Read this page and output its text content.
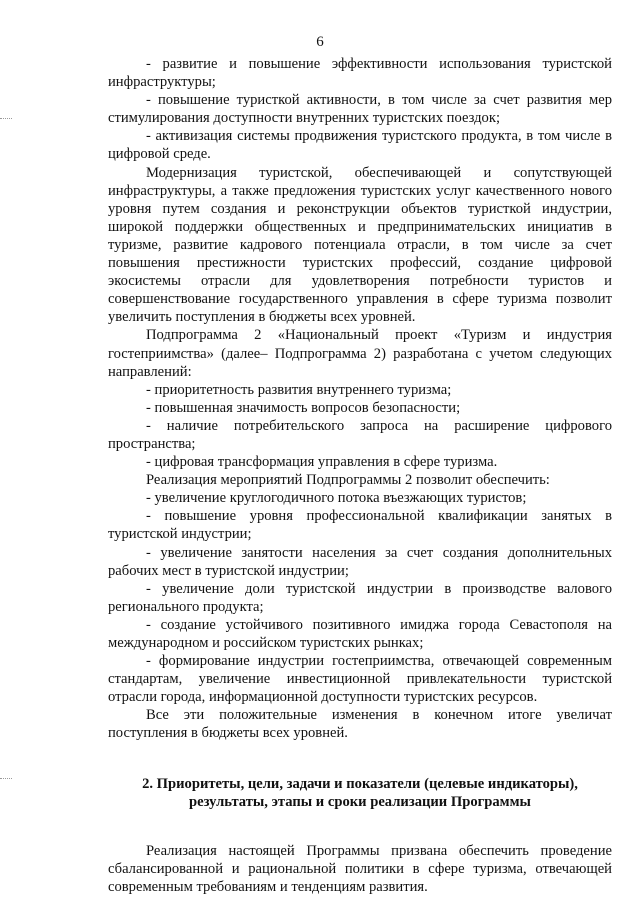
6

- развитие и повышение эффективности использования туристской инфраструктуры;

- повышение туристкой активности, в том числе за счет развития мер стимулирования доступности внутренних туристских поездок;

- активизация системы продвижения туристского продукта, в том числе в цифровой среде.

Модернизация туристской, обеспечивающей и сопутствующей инфраструктуры, а также предложения туристских услуг качественного нового уровня путем создания и реконструкции объектов туристкой индустрии, широкой поддержки общественных и предпринимательских инициатив в туризме, развитие кадрового потенциала отрасли, в том числе за счет повышения престижности туристских профессий, создание цифровой экосистемы отрасли для удовлетворения потребности туристов и совершенствование государственного управления в сфере туризма позволит увеличить поступления в бюджеты всех уровней.

Подпрограмма 2 «Национальный проект «Туризм и индустрия гостеприимства» (далее– Подпрограмма 2) разработана с учетом следующих направлений:

- приоритетность развития внутреннего туризма;

- повышенная значимость вопросов безопасности;

- наличие потребительского запроса на расширение цифрового пространства;

- цифровая трансформация управления в сфере туризма.

Реализация мероприятий Подпрограммы 2 позволит обеспечить:

- увеличение круглогодичного потока въезжающих туристов;

- повышение уровня профессиональной квалификации занятых в туристской индустрии;

- увеличение занятости населения за счет создания дополнительных рабочих мест в туристской индустрии;

- увеличение доли туристской индустрии в производстве валового регионального продукта;

- создание устойчивого позитивного имиджа города Севастополя на международном и российском туристских рынках;

- формирование индустрии гостеприимства, отвечающей современным стандартам, увеличение инвестиционной привлекательности туристской отрасли города, информационной доступности туристских ресурсов.

Все эти положительные изменения в конечном итоге увеличат поступления в бюджеты всех уровней.

2. Приоритеты, цели, задачи и показатели (целевые индикаторы),
результаты, этапы и сроки реализации Программы

Реализация настоящей Программы призвана обеспечить проведение сбалансированной и рациональной политики в сфере туризма, отвечающей современным требованиям и тенденциям развития.
